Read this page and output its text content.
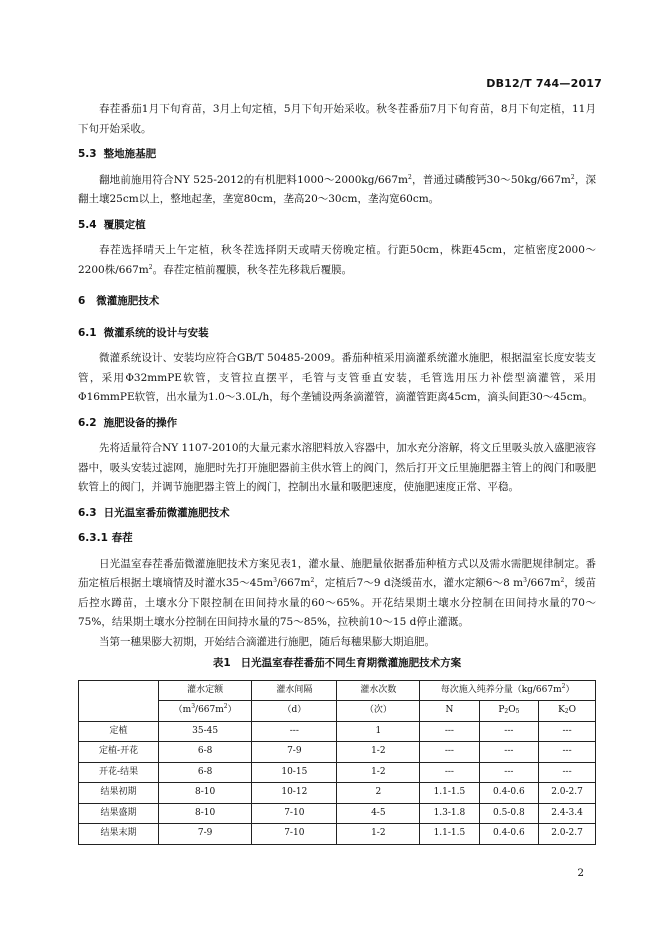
DB12/T 744—2017

春茬番茄1月下旬育苗，3月上旬定植，5月下旬开始采收。秋冬茬番茄7月下旬育苗，8月下旬定植，11月下旬开始采收。

5.3 整地施基肥

翻地前施用符合NY 525-2012的有机肥料$1000\sim 2000kg/667m^2$，普通过磷酸钙$30\sim 50kg/667m^2$，深翻土壤25cm以上，整地起垄，垄宽80cm，垄高20～30cm，垄沟宽60cm。

5.4 覆膜定植

春茬选择晴天上午定植，秋冬茬选择阴天或晴天傍晚定植。行距50cm，株距45cm，定植密度2000～2200株$/667m^2$。春茬定植前覆膜，秋冬茬先移栽后覆膜。

6 微灌施肥技术
6.1 微灌系统的设计与安装

微灌系统设计、安装均应符合GB/T 50485-2009。番茄种植采用滴灌系统灌水施肥，根据温室长度安装支管，采用Φ32mmPE软管，支管拉直摆平，毛管与支管垂直安装，毛管选用压力补偿型滴灌管，采用Φ16mmPE软管，出水量为1.0～3.0L/h，每个垄铺设两条滴灌管，滴灌管距离45cm，滴头间距30～45cm。

6.2 施肥设备的操作

先将适量符合NY 1107-2010的大量元素水溶肥料放入容器中，加水充分溶解，将文丘里吸头放入盛肥液容器中，吸头安装过滤网，施肥时先打开施肥器前主供水管上的阀门，然后打开文丘里施肥器主管上的阀门和吸肥软管上的阀门，并调节施肥器主管上的阀门，控制出水量和吸肥速度，使施肥速度正常、平稳。

6.3 日光温室番茄微灌施肥技术
6.3.1 春茬

日光温室春茬番茄微灌施肥技术方案见表1，灌水量、施肥量依据番茄种植方式以及需水需肥规律制定。番茄定植后根据土壤墒情及时灌水$35\sim 45m^3/667m^2$，定植后7～9 d浇缓苗水，灌水定额6～8 $m^3/667m^2$，缓苗后控水蹲苗，土壤水分下限控制在田间持水量的60～65%。开花结果期土壤水分控制在田间持水量的70～75%，结果期土壤水分控制在田间持水量的75～85%，拉秧前10～15 d停止灌溉。

当第一穗果膨大初期，开始结合滴灌进行施肥，随后每穗果膨大期追肥。

表1 日光温室春茬番茄不同生育期微灌施肥技术方案
	灌水定额	灌水间隔	灌水次数	每次施入纯养分量$(kg/667m^2)$		
	$(m^3/667m^2)$	（d）	（次）	N	$P_2O_5$	$K_2O$
定植	35-45	---	1	---	---	---
定植-开花	6-8	7-9	1-2	---	---	---
开花-结果	6-8	10-15	1-2	---	---	---
结果初期	8-10	10-12	2	1.1-1.5	0.4-0.6	2.0-2.7
结果盛期	8-10	7-10	4-5	1.3-1.8	0.5-0.8	2.4-3.4
结果末期	7-9	7-10	1-2	1.1-1.5	0.4-0.6	2.0-2.7
2
